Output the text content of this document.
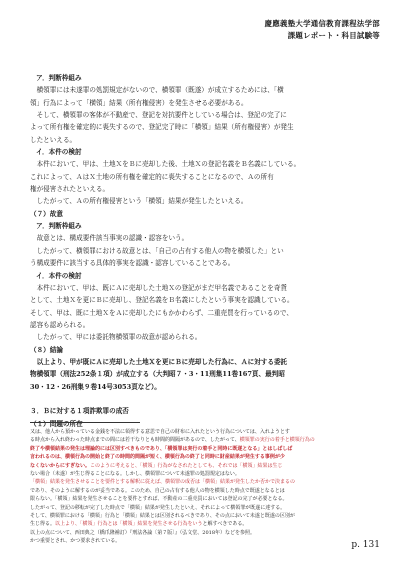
慶應義塾大学通信教育課程法学部
課題レポート・科目試験等
ア．判断枠組み
横領罪には未遂罪の処罰規定がないので、横領罪（既遂）が成立するためには、「横
領」行為によって「横領」結果（所有権侵害）を発生させる必要がある。
そして、横領罪の客体が不動産で、登記を対抗要件としている場合は、登記の完了に
よって所有権を確定的に喪失するので、登記完了時に「横領」結果（所有権侵害）が発生
したといえる。
イ．本件の検討
本件において、甲は、土地ＸをＢに売却した後、土地Ｘの登記名義をＢ名義にしている。
これによって、ＡはＸ土地の所有権を確定的に喪失することになるので、Ａの所有
権が侵害されたといえる。
したがって、Ａの所有権侵害という「横領」結果が発生したといえる。
（７）故意
ア．判断枠組み
故意とは、構成要件該当事実の認識・認容をいう。
したがって、横領罪における故意とは、「自己の占有する他人の物を横領した」とい
う構成要件に該当する具体的事実を認識・認容していることである。
イ．本件の検討
本件において、甲は、既にＡに売却した土地Ｘの登記がまだ甲名義であることを奇貨
として、土地Ｘを更にＢに売却し、登記名義をＢ名義にしたという事実を認識している。
そして、甲は、既に土地ＸをＡに売却したにもかかわらず、二重売買を行っているので、
認容も認められる。
したがって、甲には委託物横領罪の故意が認められる。
（８）結論
以上より、甲が既にＡに売却した土地Ｘを更にＢに売却した行為に、Ａに対する委託
物横領罪（刑法252条１項）が成立する（大判昭７・3・11刑集11巻167頁、最判昭
30・12・26刑集９巻14号3053頁など）。

３．Ｂに対する１項詐欺罪の成否
（１）問題の所在
又は、他人から預かっている金銭を不法に領得する意思で自己の財布に入れたという行為については、入れようとす
る時点から入れ終わった時点までの間には若干なりとも時間的間隔があるので、したがって、横領罪の実行の着手と横領行為の
終了や横領結果の発生は理論的には区別すべきものであり、「横領罪は実行の着手と同時に既遂となる」とはしばしば
言われるのは、横領行為の開始と終了の時間的間隔が短く、横領行為の終了と同時に財産結果が発生する事例が少
なくないからにすぎない。このように考えると、「横領」行為がなされたとしても、それでは「横領」結果は生じ
ない場合（未遂）が生じ得ることになる。しかし、横領罪について未遂罪の処罰規定はない。
「横領」結果を発生させることを要件とする解釈に従えば、横領罪の成否は「横領」結果が発生したか否かで決まるの
であり、そのように解するのが妥当である。このため、自己の占有する他人の物を横領した時点で既遂となるとは
限らない。「横領」結果を発生させることを要件とすれば、不動産の二重売買においては登記の完了が必要となる。
したがって、登記の移転が完了した時点で「横領」結果が発生したといえ、それによって横領罪が既遂に達する。
そして、横領罪における「横領」行為と「横領」結果とは区別されるべきであり、その点において未遂と既遂の区別が
生じ得る。以上より、「横領」行為とは「横領」結果を発生させる行為をいうと解すべきである。
以上の点について、西田典之（橋爪隆補訂）『刑法各論〔第７版〕』（弘文堂、2018年）などを参照。
かつ重要とされ、かつ要求されている。	p. 131
